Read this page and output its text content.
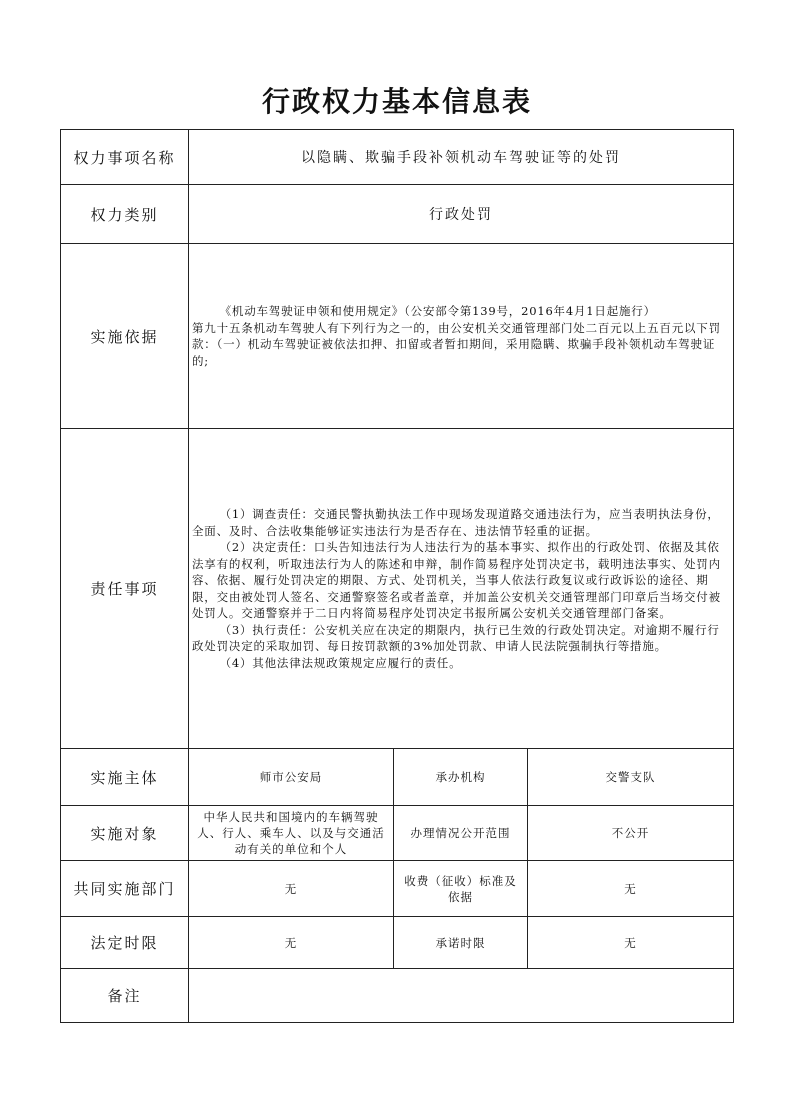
行政权力基本信息表
权力事项名称	以隐瞒、欺骗手段补领机动车驾驶证等的处罚		
权力类别	行政处罚		
实施依据	《机动车驾驶证申领和使用规定》（公安部令第139号，2016年4月1日起施行）

第九十五条机动车驾驶人有下列行为之一的，由公安机关交通管理部门处二百元以上五百元以下罚款：（一）机动车驾驶证被依法扣押、扣留或者暂扣期间，采用隐瞒、欺骗手段补领机动车驾驶证的;		

责任事项	（1）调查责任：交通民警执勤执法工作中现场发现道路交通违法行为，应当表明执法身份，全面、及时、合法收集能够证实违法行为是否存在、违法情节轻重的证据。

（2）决定责任：口头告知违法行为人违法行为的基本事实、拟作出的行政处罚、依据及其依法享有的权利，听取违法行为人的陈述和申辩，制作简易程序处罚决定书，载明违法事实、处罚内容、依据、履行处罚决定的期限、方式、处罚机关，当事人依法行政复议或行政诉讼的途径、期限，交由被处罚人签名、交通警察签名或者盖章，并加盖公安机关交通管理部门印章后当场交付被处罚人。交通警察并于二日内将简易程序处罚决定书报所属公安机关交通管理部门备案。

（3）执行责任：公安机关应在决定的期限内，执行已生效的行政处罚决定。对逾期不履行行政处罚决定的采取加罚、每日按罚款额的3%加处罚款、申请人民法院强制执行等措施。

（4）其他法律法规政策规定应履行的责任。		

实施主体	师市公安局	承办机构	交警支队
实施对象	中华人民共和国境内的车辆驾驶人、行人、乘车人、以及与交通活动有关的单位和个人	办理情况公开范围	不公开
共同实施部门	无	收费（征收）标准及依据	无
法定时限	无	承诺时限	无
备注			
